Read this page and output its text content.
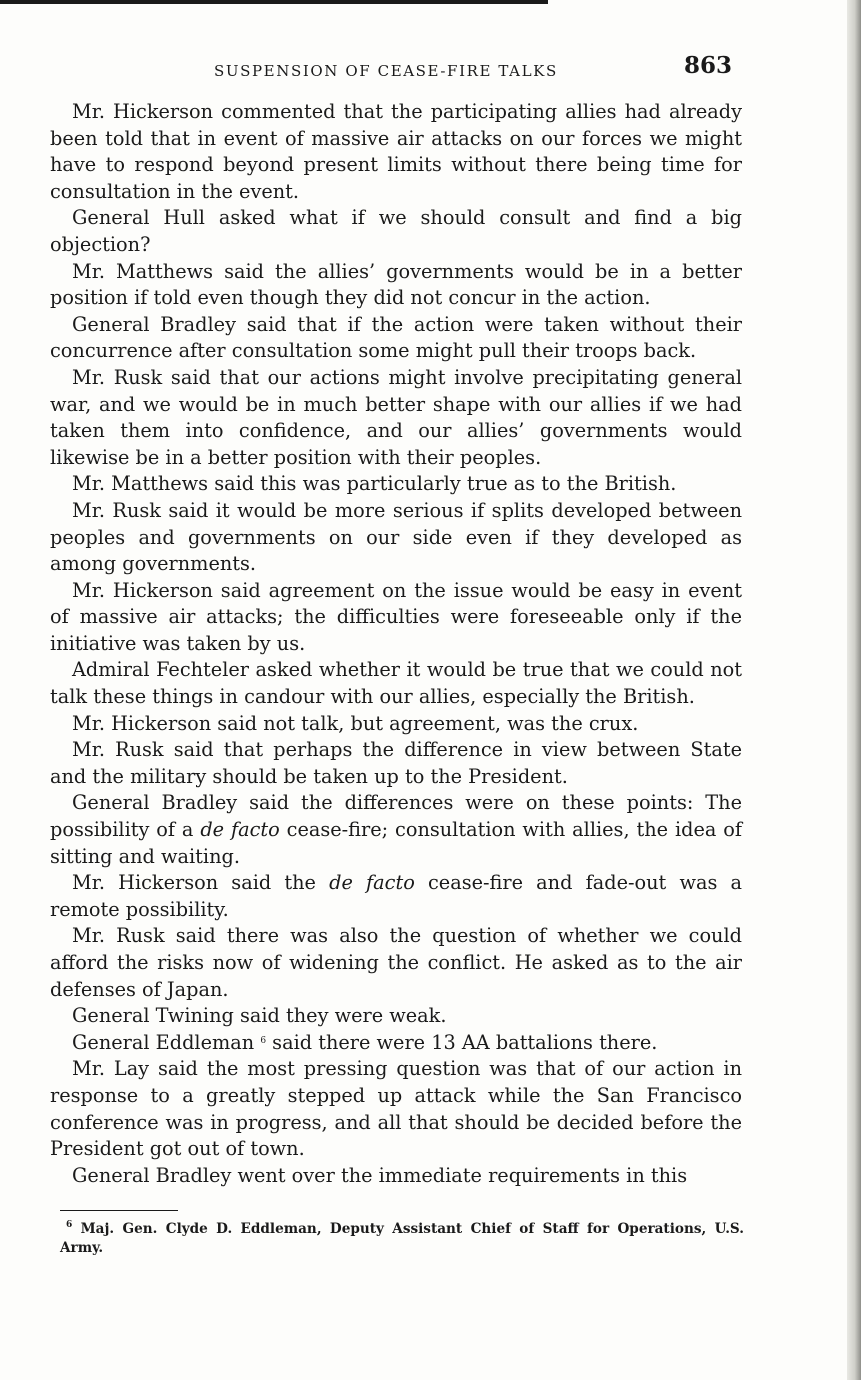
SUSPENSION OF CEASE-FIRE TALKS	863

Mr. Hickerson commented that the participating allies had already been told that in event of massive air attacks on our forces we might have to respond beyond present limits without there being time for consultation in the event.

General Hull asked what if we should consult and find a big objection?

Mr. Matthews said the allies’ governments would be in a better position if told even though they did not concur in the action.

General Bradley said that if the action were taken without their concurrence after consultation some might pull their troops back.

Mr. Rusk said that our actions might involve precipitating general war, and we would be in much better shape with our allies if we had taken them into confidence, and our allies’ governments would likewise be in a better position with their peoples.

Mr. Matthews said this was particularly true as to the British.

Mr. Rusk said it would be more serious if splits developed between peoples and governments on our side even if they developed as among governments.

Mr. Hickerson said agreement on the issue would be easy in event of massive air attacks; the difficulties were foreseeable only if the initiative was taken by us.

Admiral Fechteler asked whether it would be true that we could not talk these things in candour with our allies, especially the British.

Mr. Hickerson said not talk, but agreement, was the crux.

Mr. Rusk said that perhaps the difference in view between State and the military should be taken up to the President.

General Bradley said the differences were on these points: The possibility of a de facto cease-fire; consultation with allies, the idea of sitting and waiting.

Mr. Hickerson said the de facto cease-fire and fade-out was a remote possibility.

Mr. Rusk said there was also the question of whether we could afford the risks now of widening the conflict. He asked as to the air defenses of Japan.

General Twining said they were weak.

General Eddleman $^6$ said there were 13 AA battalions there.

Mr. Lay said the most pressing question was that of our action in response to a greatly stepped up attack while the San Francisco conference was in progress, and all that should be decided before the President got out of town.

General Bradley went over the immediate requirements in this

$^6$ Maj. Gen. Clyde D. Eddleman, Deputy Assistant Chief of Staff for Operations, U.S. Army.
